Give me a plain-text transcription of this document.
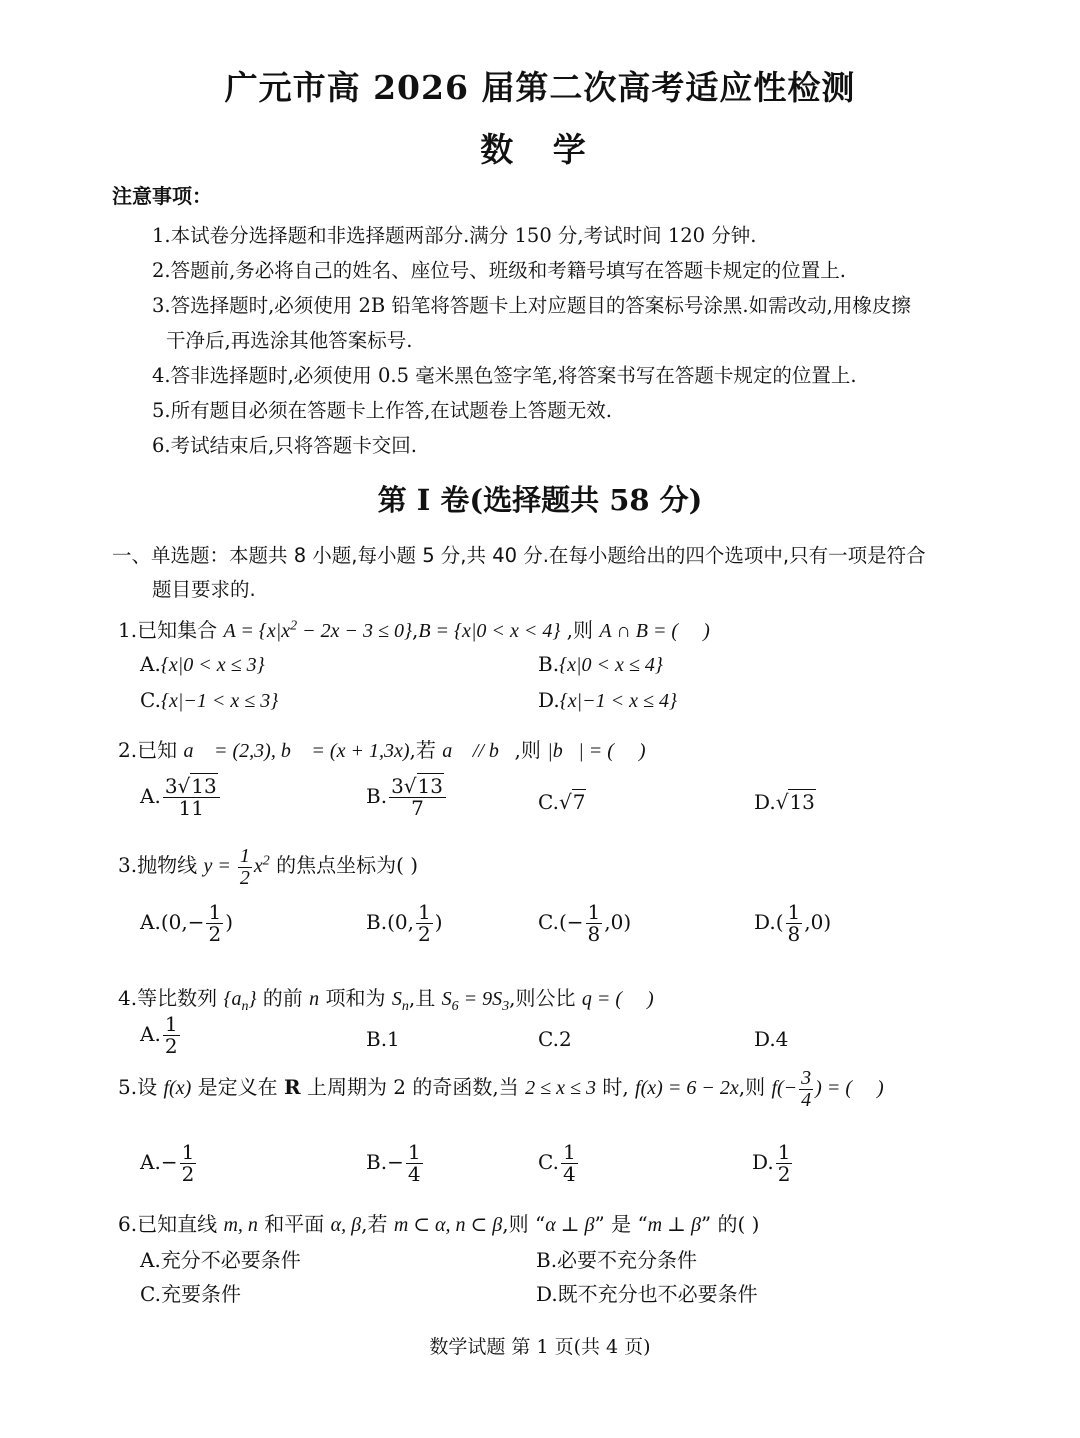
广元市高 2026 届第二次高考适应性检测
数 学
注意事项：
1.本试卷分选择题和非选择题两部分.满分 150 分,考试时间 120 分钟.
2.答题前,务必将自己的姓名、座位号、班级和考籍号填写在答题卡规定的位置上.
3.答选择题时,必须使用 2B 铅笔将答题卡上对应题目的答案标号涂黑.如需改动,用橡皮擦
干净后,再选涂其他答案标号.
4.答非选择题时,必须使用 0.5 毫米黑色签字笔,将答案书写在答题卡规定的位置上.
5.所有题目必须在答题卡上作答,在试题卷上答题无效.
6.考试结束后,只将答题卡交回.
第 I 卷(选择题共 58 分)
一、单选题：本题共 8 小题,每小题 5 分,共 40 分.在每小题给出的四个选项中,只有一项是符合
题目要求的.
1.已知集合 $A = \{x|x^2 - 2x - 3 \le 0\},B = \{x|0 < x < 4\}$ ,则 A ∩ B = (     )
A.{x|0 < x ≤ 3}	B.{x|0 < x ≤ 4}
C.{x|−1 < x ≤ 3}	D.{x|−1 < x ≤ 4}
2.已知 a⃗ = (2,3), b⃗ = (x + 1,3x),若 a⃗ // b⃗,则 |b⃗| = (     )
A. $\frac{3√13}{11}$	B. $\frac{3√13}{7}$	C.√7	D.√13
3.抛物线 $y = \frac{1}{2} x^2$ 的焦点坐标为( )
$A.(0,- \frac{1}{2}$ )	B.(0, $\frac{1}{2}$ )	$C.(- \frac{1}{8} ,0)$	$D.( \frac{1}{8} ,0)$
4.等比数列 $\{a_n\}$ 的前 n 项和为 $S_n$,且 $S_6 = 9S_3$,则公比 q = (     )
A. $\frac{1}{2}$	B.1	C.2	D.4
5.设 f(x) 是定义在 R 上周期为 2 的奇函数,当 2 ≤ x ≤ 3 时, f(x) = 6 − 2x,则 $f(- \frac{3}{4}$ ) = (     )
$A.- \frac{1}{2}$	$B.- \frac{1}{4}$	C. $\frac{1}{4}$	D. $\frac{1}{2}$
6.已知直线 m, n 和平面 α, β,若 m ⊂ α, n ⊂ β,则 “α ⊥ β” 是 “m ⊥ β” 的( )
A.充分不必要条件	B.必要不充分条件
C.充要条件	D.既不充分也不必要条件
数学试题 第 1 页(共 4 页)
